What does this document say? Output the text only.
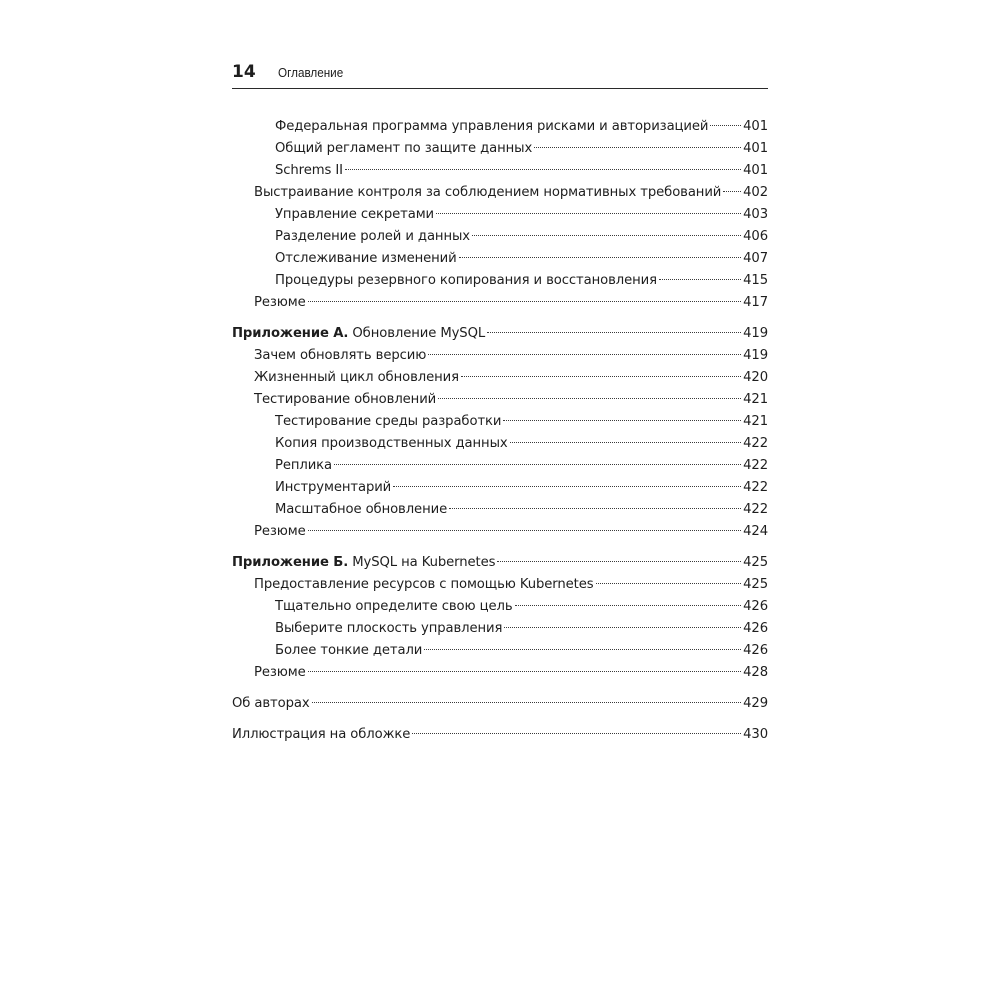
14 Оглавление
Федеральная программа управления рисками и авторизацией	401
Общий регламент по защите данных	401
Schrems II	401
Выстраивание контроля за соблюдением нормативных требований 402
Управление секретами	403
Разделение ролей и данных	406
Отслеживание изменений	407
Процедуры резервного копирования и восстановления	415
Резюме	417
Приложение А. Обновление MySQL	419
Зачем обновлять версию	419
Жизненный цикл обновления	420
Тестирование обновлений	421
Тестирование среды разработки	421
Копия производственных данных	422
Реплика	422
Инструментарий	422
Масштабное обновление	422
Резюме	424
Приложение Б. MySQL на Kubernetes	425
Предоставление ресурсов с помощью Kubernetes	425
Тщательно определите свою цель	426
Выберите плоскость управления	426
Более тонкие детали	426
Резюме	428
Об авторах	429
Иллюстрация на обложке	430
